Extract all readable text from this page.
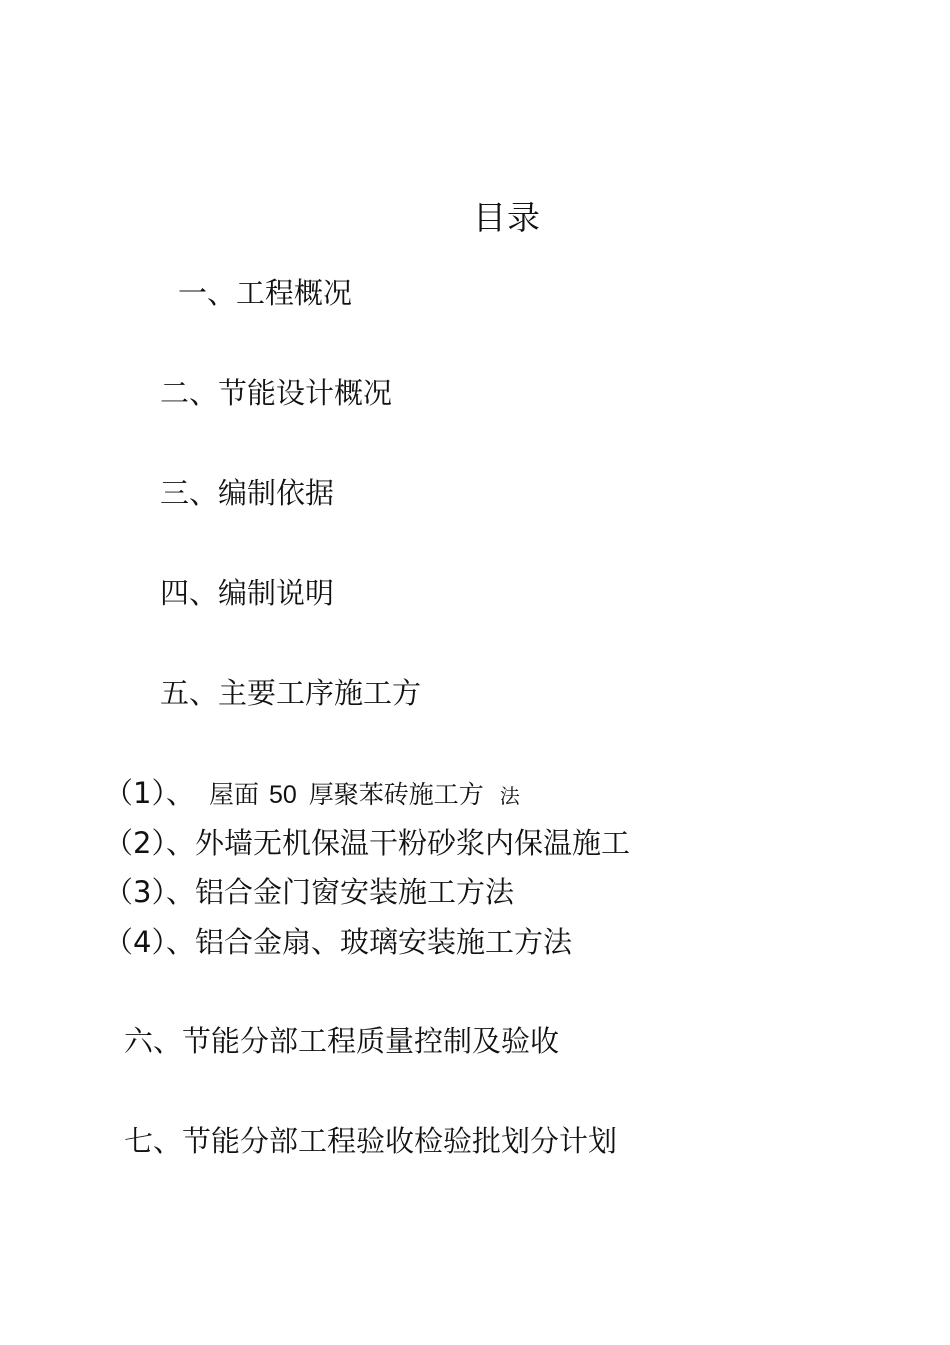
目录
一、工程概况
二、节能设计概况
三、编制依据
四、编制说明
五、主要工序施工方
（1）、 屋面 50 厚聚苯砖施工方 法
（2）、外墙无机保温干粉砂浆内保温施工
（3）、铝合金门窗安装施工方法
（4）、铝合金扇、玻璃安装施工方法
六、节能分部工程质量控制及验收
七、节能分部工程验收检验批划分计划
